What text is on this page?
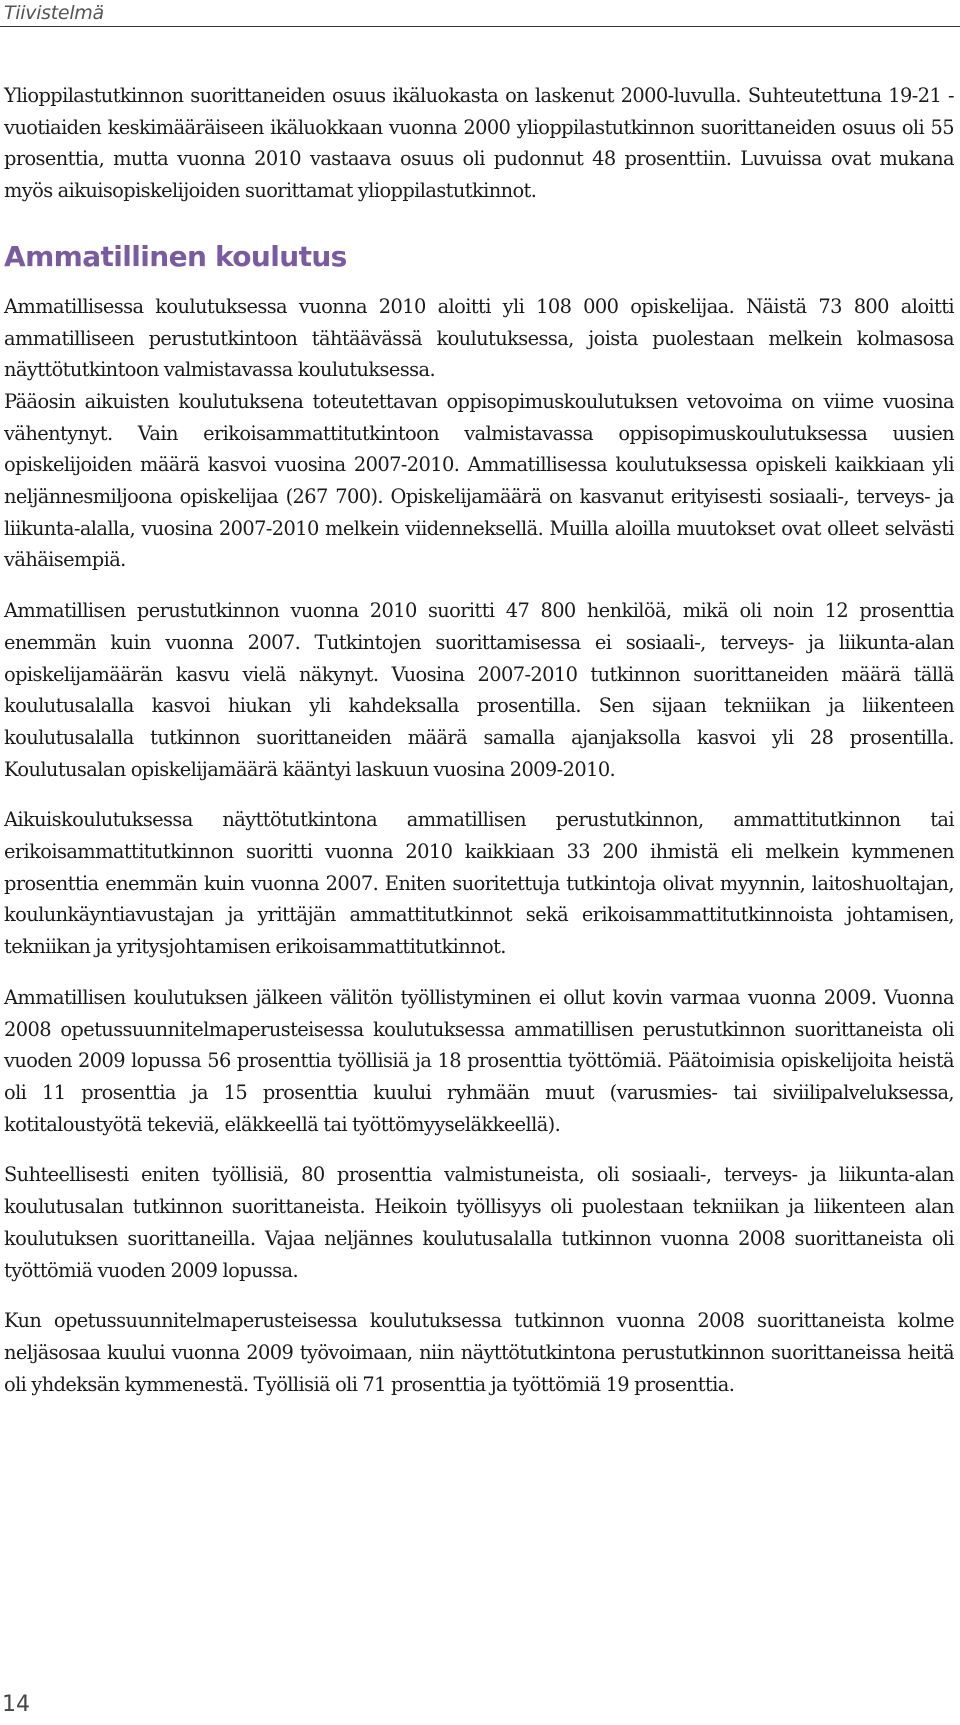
Tiivistelmä

Ylioppilastutkinnon suorittaneiden osuus ikäluokasta on laskenut 2000-luvulla. Suhteutettuna 19-21 -vuotiaiden keskimääräiseen ikäluokkaan vuonna 2000 ylioppilastutkinnon suorittaneiden osuus oli 55 prosenttia, mutta vuonna 2010 vastaava osuus oli pudonnut 48 prosenttiin. Luvuissa ovat mukana myös aikuisopiskelijoiden suorittamat ylioppilastutkinnot.

Ammatillinen koulutus

Ammatillisessa koulutuksessa vuonna 2010 aloitti yli 108 000 opiskelijaa. Näistä 73 800 aloitti ammatilliseen perustutkintoon tähtäävässä koulutuksessa, joista puolestaan melkein kolmasosa näyttötutkintoon valmistavassa koulutuksessa.

Pääosin aikuisten koulutuksena toteutettavan oppisopimuskoulutuksen vetovoima on viime vuosina vähentynyt. Vain erikoisammattitutkintoon valmistavassa oppisopimuskoulutuksessa uusien opiskelijoiden määrä kasvoi vuosina 2007-2010. Ammatillisessa koulutuksessa opiskeli kaikkiaan yli neljännesmiljoona opiskelijaa (267 700). Opiskelijamäärä on kasvanut erityisesti sosiaali-, terveys- ja liikunta-alalla, vuosina 2007-2010 melkein viidenneksellä. Muilla aloilla muutokset ovat olleet selvästi vähäisempiä.

Ammatillisen perustutkinnon vuonna 2010 suoritti 47 800 henkilöä, mikä oli noin 12 prosenttia enemmän kuin vuonna 2007. Tutkintojen suorittamisessa ei sosiaali-, terveys- ja liikunta-alan opiskelijamäärän kasvu vielä näkynyt. Vuosina 2007-2010 tutkinnon suorittaneiden määrä tällä koulutusalalla kasvoi hiukan yli kahdeksalla prosentilla. Sen sijaan tekniikan ja liikenteen koulutusalalla tutkinnon suorittaneiden määrä samalla ajanjaksolla kasvoi yli 28 prosentilla. Koulutusalan opiskelijamäärä kääntyi laskuun vuosina 2009-2010.

Aikuiskoulutuksessa näyttötutkintona ammatillisen perustutkinnon, ammattitutkinnon tai erikoisammattitutkinnon suoritti vuonna 2010 kaikkiaan 33 200 ihmistä eli melkein kymmenen prosenttia enemmän kuin vuonna 2007. Eniten suoritettuja tutkintoja olivat myynnin, laitoshuoltajan, koulunkäyntiavustajan ja yrittäjän ammattitutkinnot sekä erikoisammattitutkinnoista johtamisen, tekniikan ja yritysjohtamisen erikoisammattitutkinnot.

Ammatillisen koulutuksen jälkeen välitön työllistyminen ei ollut kovin varmaa vuonna 2009. Vuonna 2008 opetussuunnitelmaperusteisessa koulutuksessa ammatillisen perustutkinnon suorittaneista oli vuoden 2009 lopussa 56 prosenttia työllisiä ja 18 prosenttia työttömiä. Päätoimisia opiskelijoita heistä oli 11 prosenttia ja 15 prosenttia kuului ryhmään muut (varusmies- tai siviilipalveluksessa, kotitaloustyötä tekeviä, eläkkeellä tai työttömyyseläkkeellä).

Suhteellisesti eniten työllisiä, 80 prosenttia valmistuneista, oli sosiaali-, terveys- ja liikunta-alan koulutusalan tutkinnon suorittaneista. Heikoin työllisyys oli puolestaan tekniikan ja liikenteen alan koulutuksen suorittaneilla. Vajaa neljännes koulutusalalla tutkinnon vuonna 2008 suorittaneista oli työttömiä vuoden 2009 lopussa.

Kun opetussuunnitelmaperusteisessa koulutuksessa tutkinnon vuonna 2008 suorittaneista kolme neljäsosaa kuului vuonna 2009 työvoimaan, niin näyttötutkintona perustutkinnon suorittaneissa heitä oli yhdeksän kymmenestä. Työllisiä oli 71 prosenttia ja työttömiä 19 prosenttia.

14
